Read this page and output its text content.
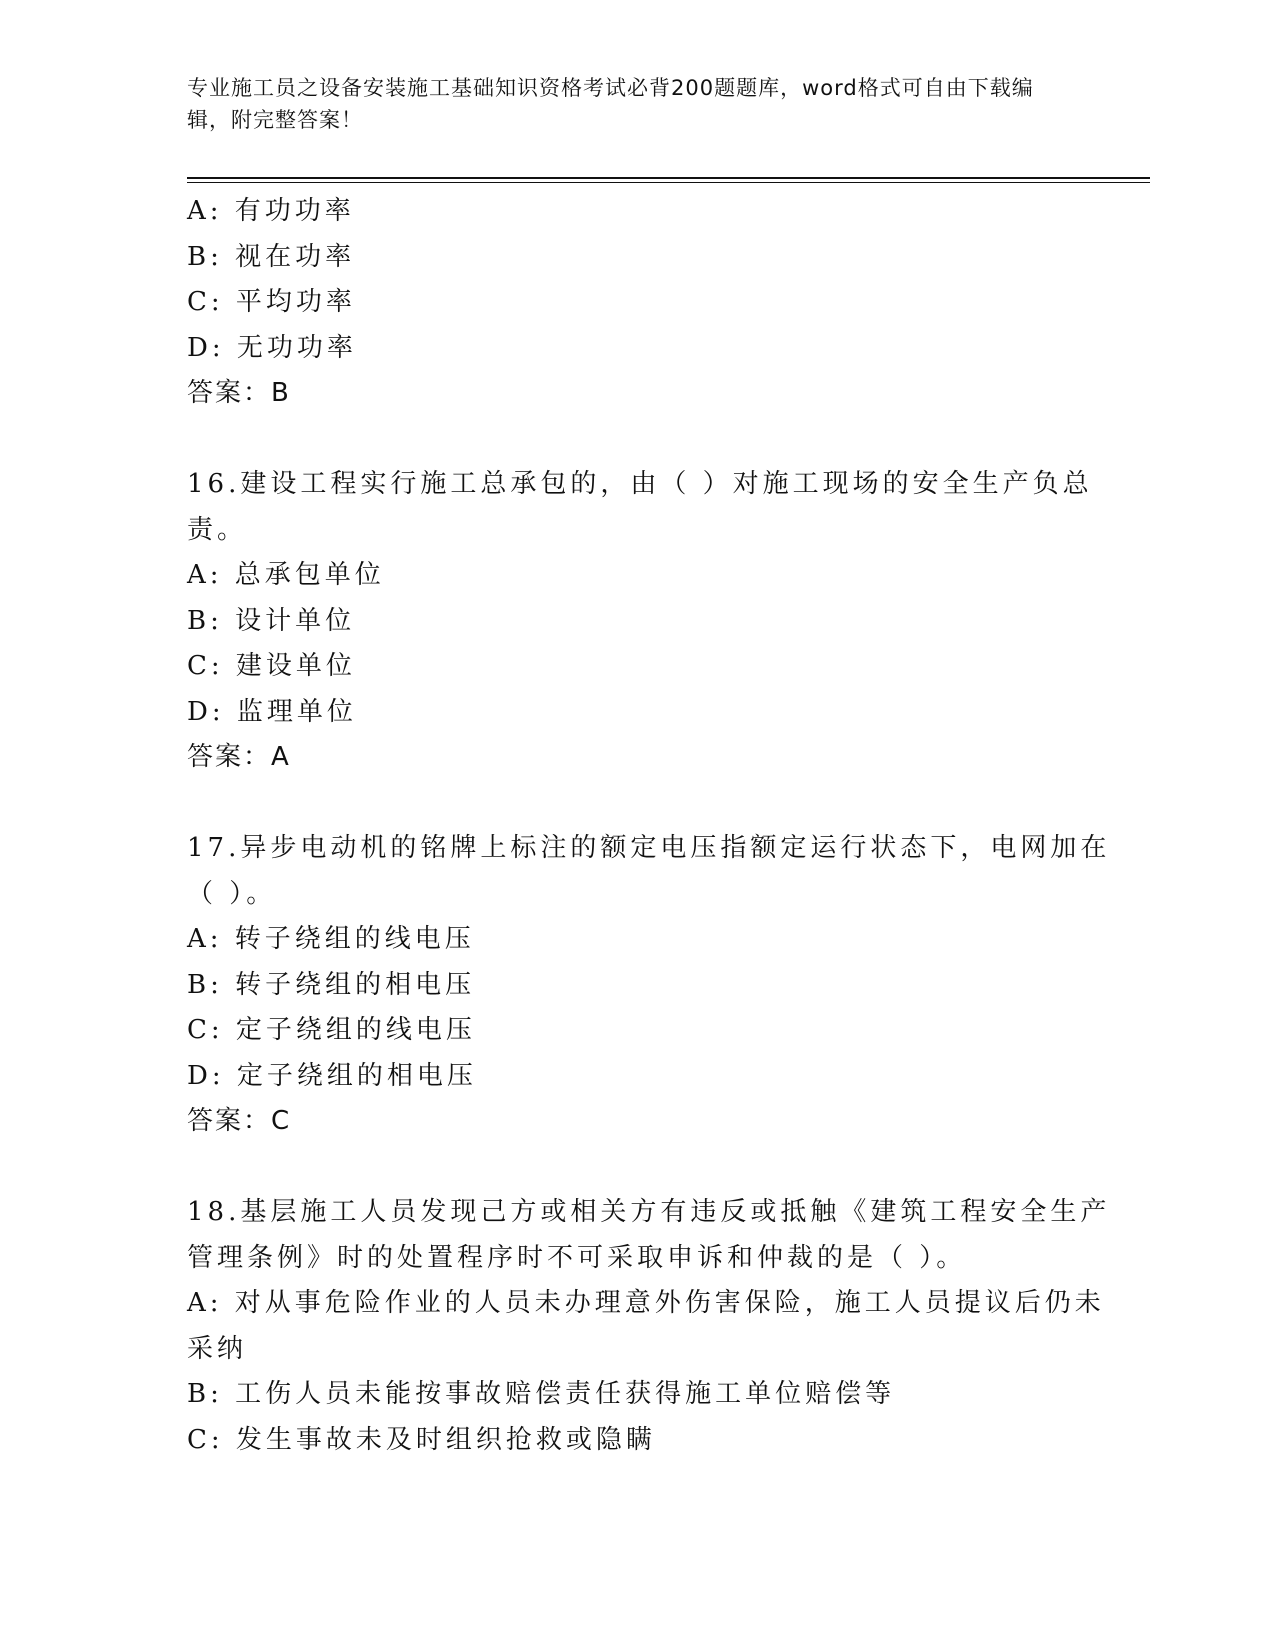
专业施工员之设备安装施工基础知识资格考试必背200题题库，word格式可自由下载编辑，附完整答案！
A: 有功功率
B: 视在功率
C: 平均功率
D: 无功功率
答案：B
16.建设工程实行施工总承包的，由（ ）对施工现场的安全生产负总
责。
A: 总承包单位
B: 设计单位
C: 建设单位
D: 监理单位
答案：A
17.异步电动机的铭牌上标注的额定电压指额定运行状态下，电网加在
（ ）。
A: 转子绕组的线电压
B: 转子绕组的相电压
C: 定子绕组的线电压
D: 定子绕组的相电压
答案：C
18.基层施工人员发现己方或相关方有违反或抵触《建筑工程安全生产
管理条例》时的处置程序时不可采取申诉和仲裁的是（ ）。
A: 对从事危险作业的人员未办理意外伤害保险，施工人员提议后仍未
采纳
B: 工伤人员未能按事故赔偿责任获得施工单位赔偿等
C: 发生事故未及时组织抢救或隐瞒
